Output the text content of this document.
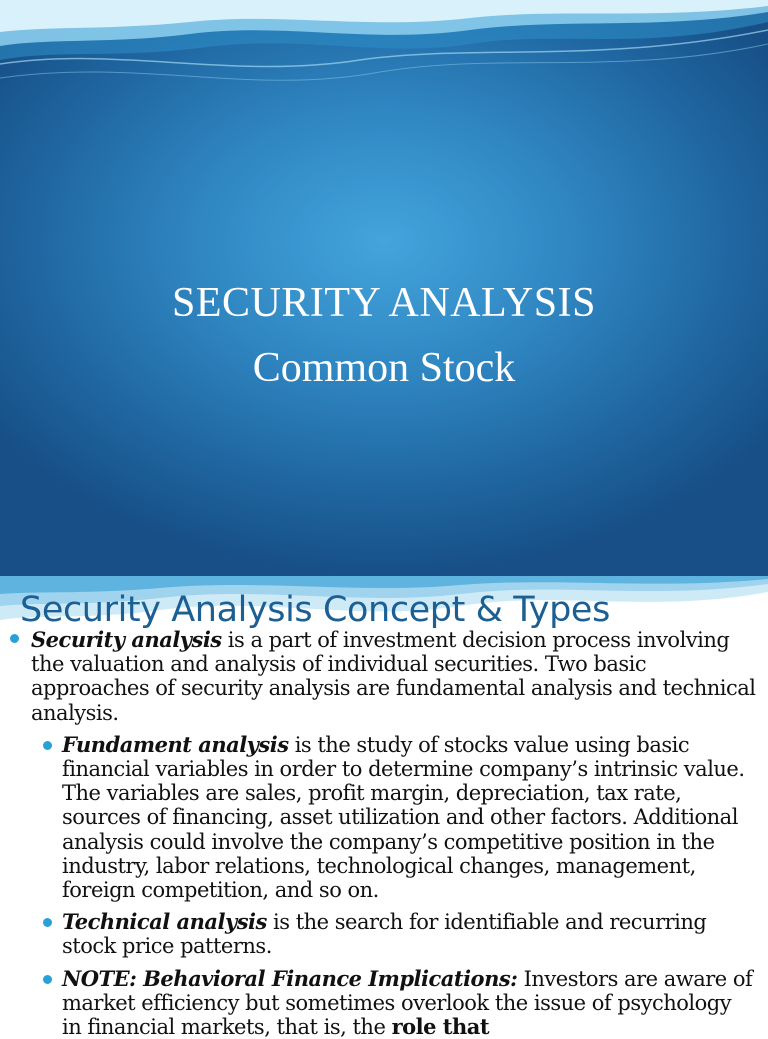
SECURITY ANALYSIS
Common Stock
Security Analysis Concept & Types
Security analysis is a part of investment decision process involving the valuation and analysis of individual securities. Two basic approaches of security analysis are fundamental analysis and technical analysis.
Fundament analysis is the study of stocks value using basic financial variables in order to determine company’s intrinsic value. The variables are sales, profit margin, depreciation, tax rate, sources of financing, asset utilization and other factors. Additional analysis could involve the company’s competitive position in the industry, labor relations, technological changes, management, foreign competition, and so on.
Technical analysis is the search for identifiable and recurring stock price patterns.
NOTE: Behavioral Finance Implications: Investors are aware of market efficiency but sometimes overlook the issue of psychology in financial markets, that is, the role that
